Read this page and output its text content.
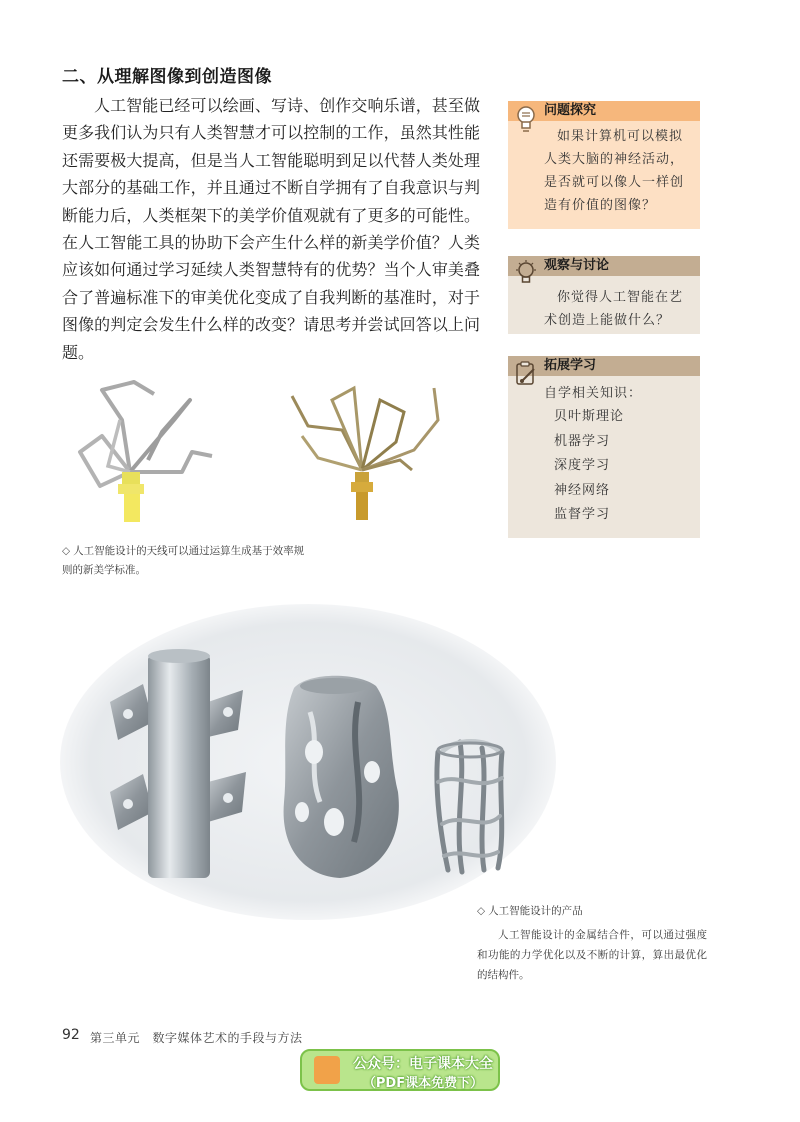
二、从理解图像到创造图像
人工智能已经可以绘画、写诗、创作交响乐谱，甚至做更多我们认为只有人类智慧才可以控制的工作，虽然其性能还需要极大提高，但是当人工智能聪明到足以代替人类处理大部分的基础工作，并且通过不断自学拥有了自我意识与判断能力后，人类框架下的美学价值观就有了更多的可能性。在人工智能工具的协助下会产生什么样的新美学价值？人类应该如何通过学习延续人类智慧特有的优势？当个人审美叠合了普遍标准下的审美优化变成了自我判断的基准时，对于图像的判定会发生什么样的改变？请思考并尝试回答以上问题。
问题探究
如果计算机可以模拟人类大脑的神经活动，是否就可以像人一样创造有价值的图像？
观察与讨论
你觉得人工智能在艺术创造上能做什么？
拓展学习
自学相关知识：
贝叶斯理论
机器学习
深度学习
神经网络
监督学习
◇ 人工智能设计的天线可以通过运算生成基于效率规则的新美学标准。
◇ 人工智能设计的产品
人工智能设计的金属结合件，可以通过强度和功能的力学优化以及不断的计算，算出最优化的结构件。
92 第三单元　数字媒体艺术的手段与方法
公众号：电子课本大全
（PDF课本免费下）
